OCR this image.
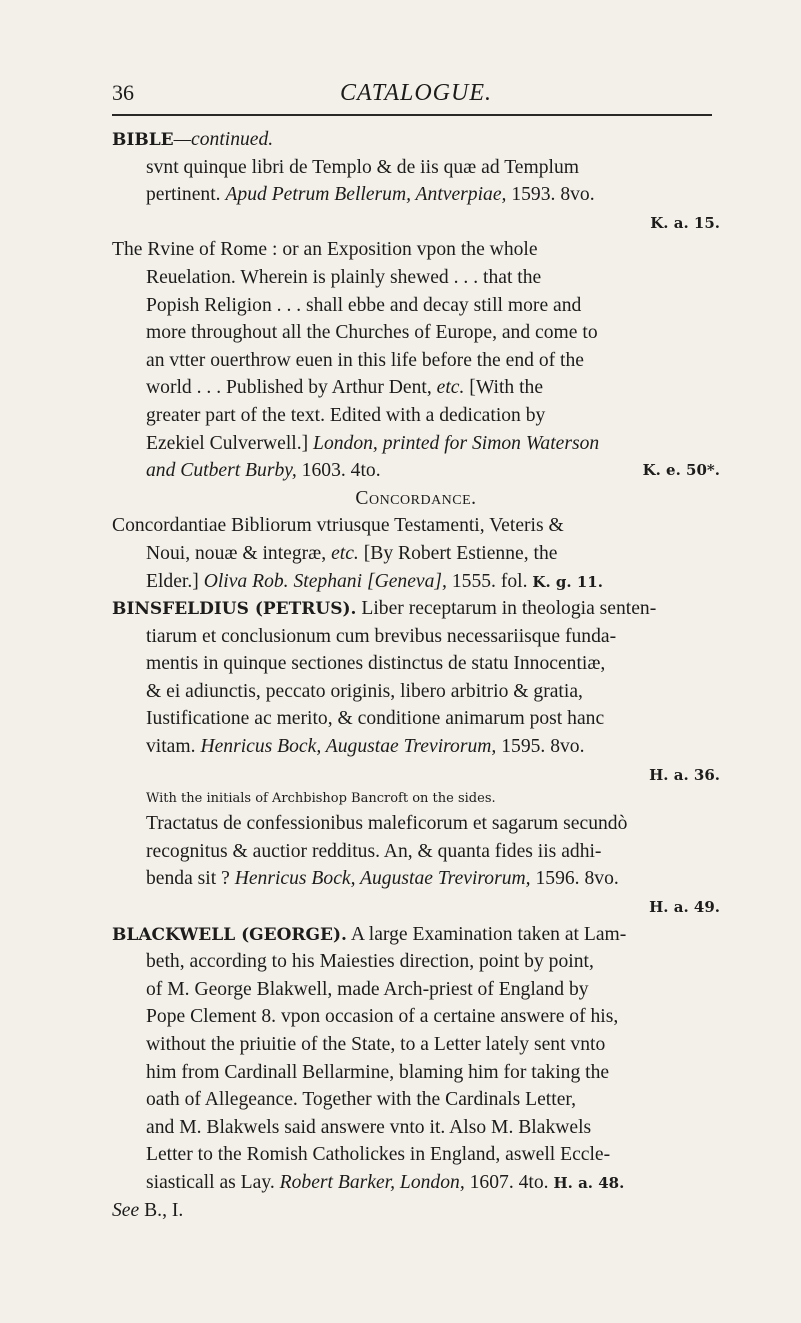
36	CATALOGUE.
BIBLE—continued.
svnt quinque libri de Templo & de iis quæ ad Templum
pertinent. Apud Petrum Bellerum, Antverpiae, 1593. 8vo.
K. a. 15.
The Rvine of Rome : or an Exposition vpon the whole
Reuelation. Wherein is plainly shewed . . . that the
Popish Religion . . . shall ebbe and decay still more and
more throughout all the Churches of Europe, and come to
an vtter ouerthrow euen in this life before the end of the
world . . . Published by Arthur Dent, etc. [With the
greater part of the text. Edited with a dedication by
Ezekiel Culverwell.] London, printed for Simon Waterson
and Cutbert Burby, 1603. 4to.	K. e. 50*.
Concordance.
Concordantiae Bibliorum vtriusque Testamenti, Veteris &
Noui, nouæ & integræ, etc. [By Robert Estienne, the
Elder.] Oliva Rob. Stephani [Geneva], 1555. fol. K. g. 11.
BINSFELDIUS (PETRUS). Liber receptarum in theologia senten-
tiarum et conclusionum cum brevibus necessariisque funda-
mentis in quinque sectiones distinctus de statu Innocentiæ,
& ei adiunctis, peccato originis, libero arbitrio & gratia,
Iustificatione ac merito, & conditione animarum post hanc
vitam. Henricus Bock, Augustae Trevirorum, 1595. 8vo.
H. a. 36.
With the initials of Archbishop Bancroft on the sides.
Tractatus de confessionibus maleficorum et sagarum secundò
recognitus & auctior redditus. An, & quanta fides iis adhi-
benda sit ? Henricus Bock, Augustae Trevirorum, 1596. 8vo.
H. a. 49.
BLACKWELL (GEORGE). A large Examination taken at Lam-
beth, according to his Maiesties direction, point by point,
of M. George Blakwell, made Arch-priest of England by
Pope Clement 8. vpon occasion of a certaine answere of his,
without the priuitie of the State, to a Letter lately sent vnto
him from Cardinall Bellarmine, blaming him for taking the
oath of Allegeance. Together with the Cardinals Letter,
and M. Blakwels said answere vnto it. Also M. Blakwels
Letter to the Romish Catholickes in England, aswell Eccle-
siasticall as Lay. Robert Barker, London, 1607. 4to. H. a. 48.
See B., I.
